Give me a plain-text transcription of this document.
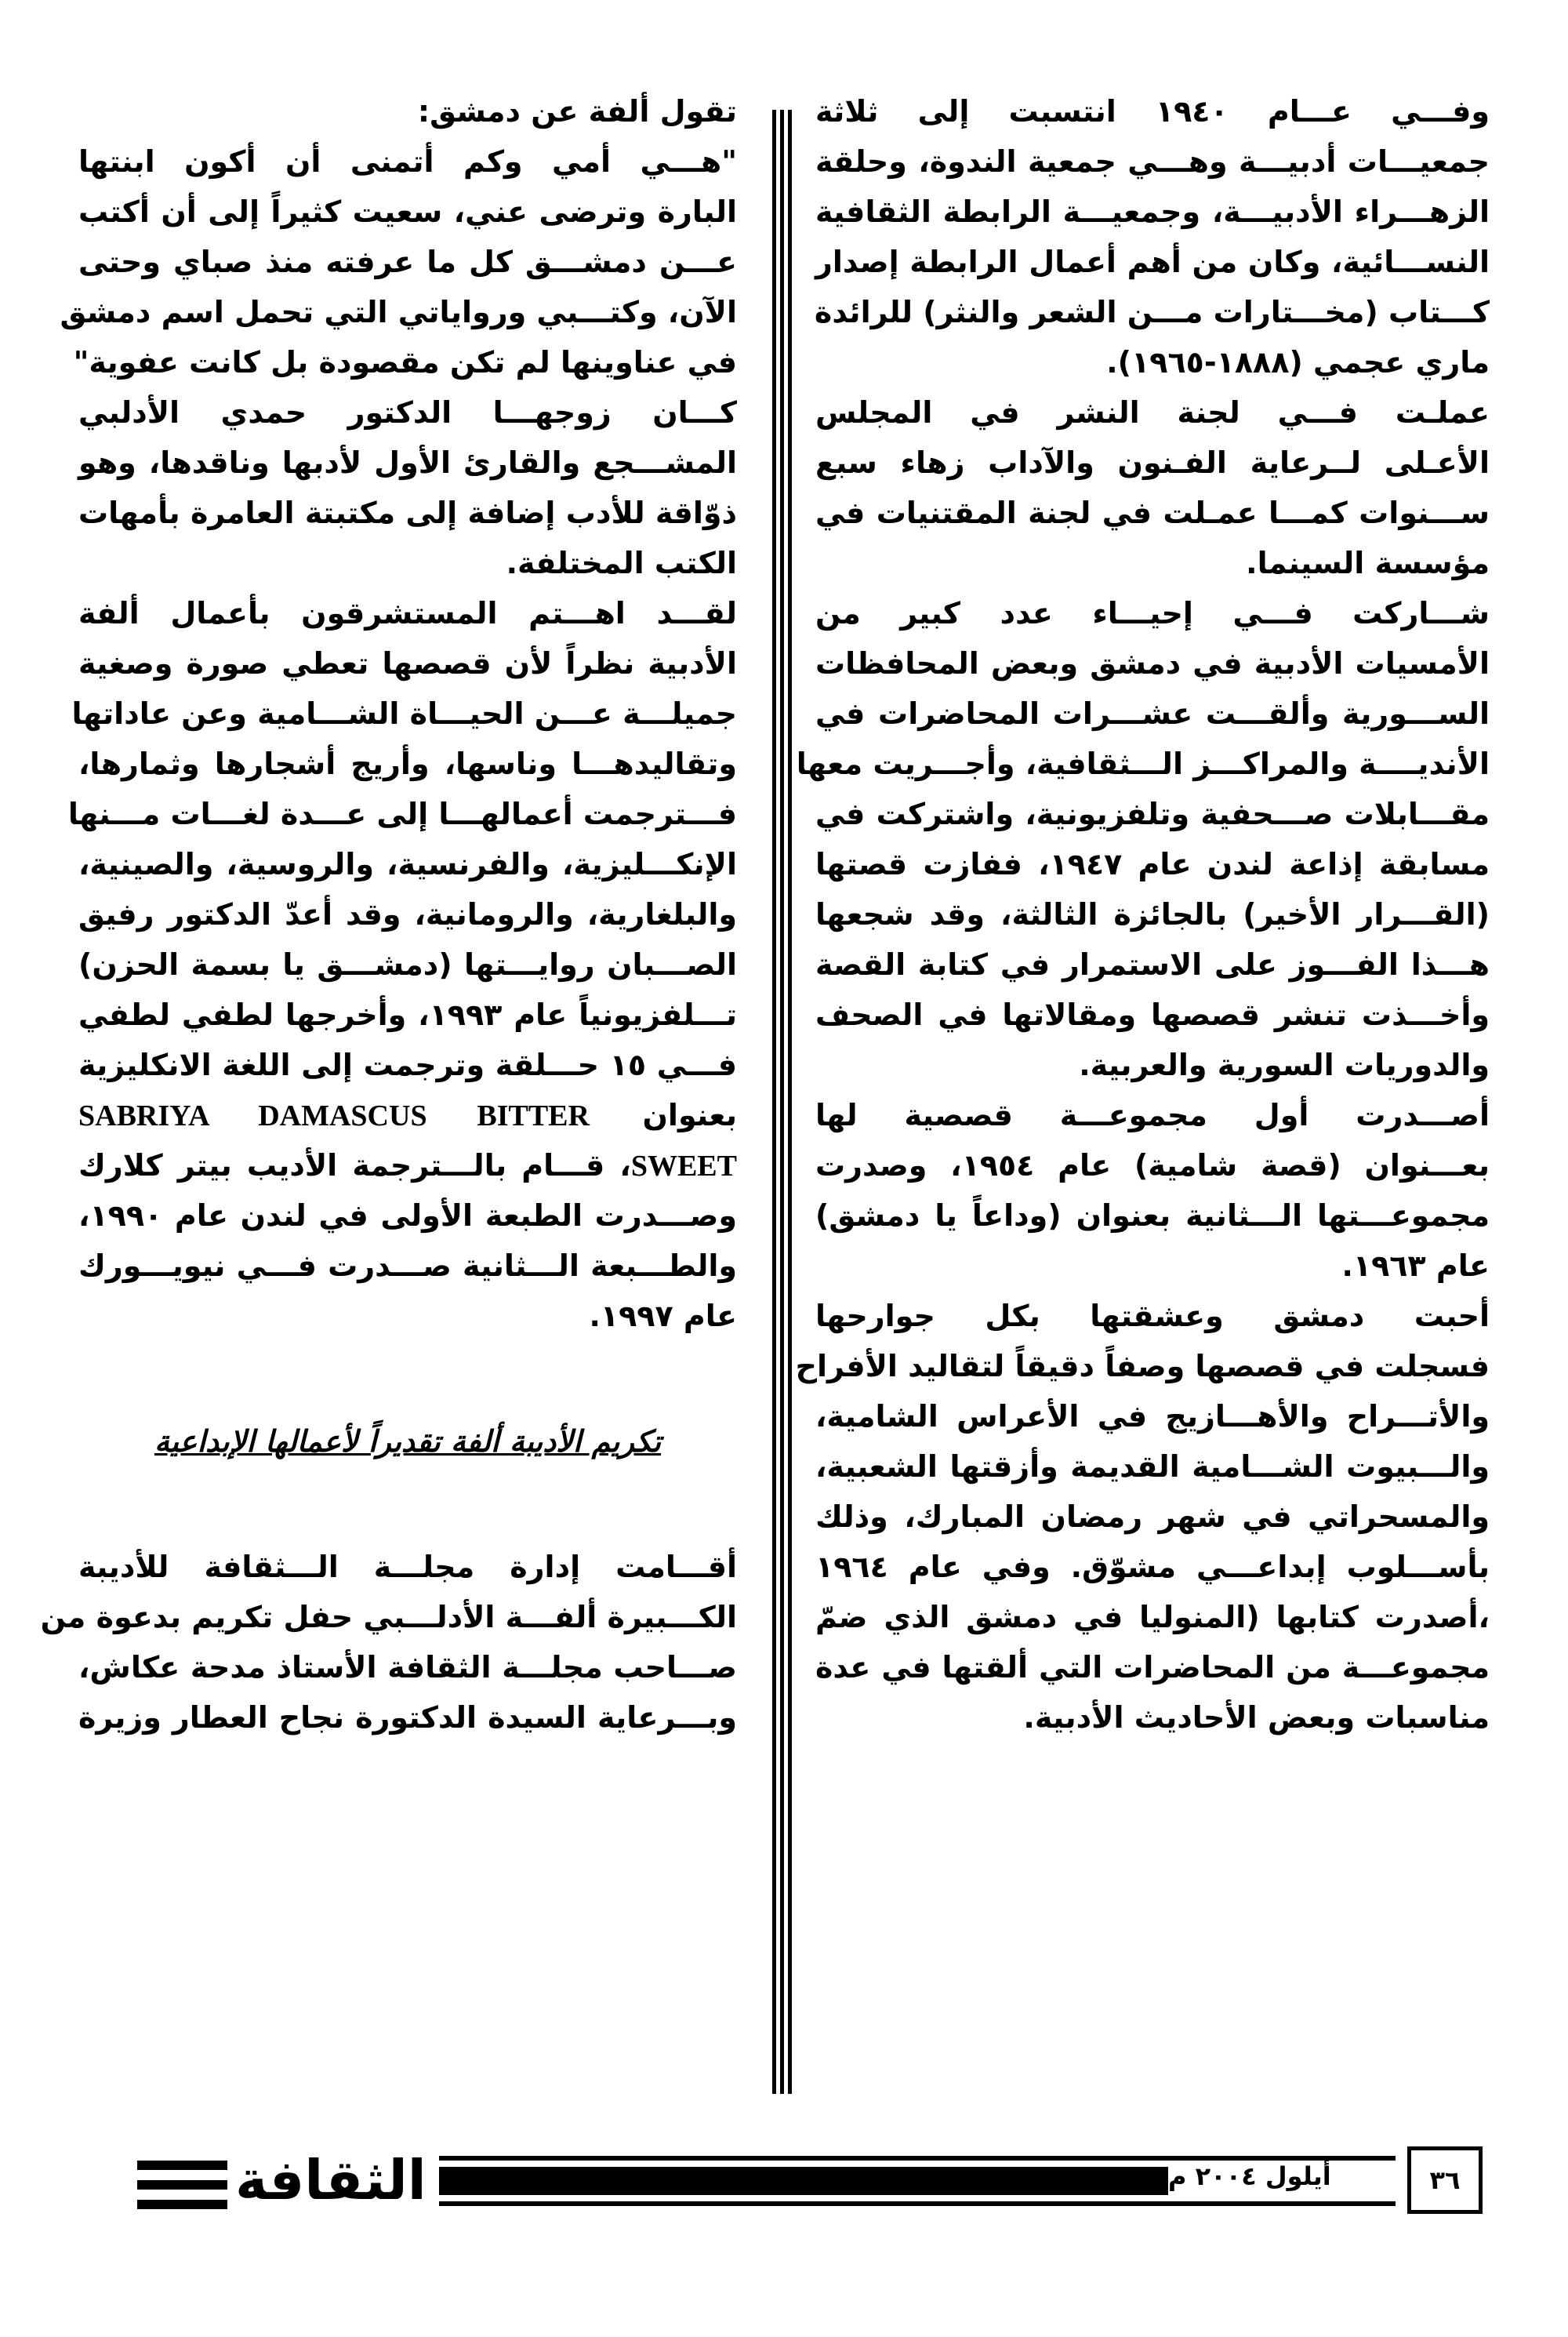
وفـــي عـــام ١٩٤٠ انتسبت إلى ثلاثة
جمعيـــات أدبيـــة وهـــي جمعية الندوة، وحلقة
الزهـــراء الأدبيـــة، وجمعيـــة الرابطة الثقافية
النســـائية، وكان من أهم أعمال الرابطة إصدار
كـــتاب (مخـــتارات مـــن الشعر والنثر) للرائدة
ماري عجمي (١٨٨٨-١٩٦٥).
عملـت فـــي لجنة النشر في المجلس
الأعـلى لــرعاية الفـنون والآداب زهاء سبع
ســـنوات كمـــا عمـلت في لجنة المقتنيات في
مؤسسة السينما.
شـــاركت فـــي إحيـــاء عدد كبير من
الأمسيات الأدبية في دمشق وبعض المحافظات
الســـورية وألقـــت عشـــرات المحاضرات في
الأنديــــة والمراكـــز الـــثقافية، وأجـــريت معها
مقـــابلات صـــحفية وتلفزيونية، واشتركت في
مسابقة إذاعة لندن عام ١٩٤٧، ففازت قصتها
(القـــرار الأخير) بالجائزة الثالثة، وقد شجعها
هـــذا الفـــوز على الاستمرار في كتابة القصة
وأخـــذت تنشر قصصها ومقالاتها في الصحف
والدوريات السورية والعربية.
أصـــدرت أول مجموعـــة قصصية لها
بعـــنوان (قصة شامية) عام ١٩٥٤، وصدرت
مجموعـــتها الـــثانية بعنوان (وداعاً يا دمشق)
عام ١٩٦٣.
أحبت دمشق وعشقتها بكل جوارحها
فسجلت في قصصها وصفاً دقيقاً لتقاليد الأفراح
والأتـــراح والأهـــازيج في الأعراس الشامية،
والـــبيوت الشـــامية القديمة وأزقتها الشعبية،
والمسحراتي في شهر رمضان المبارك، وذلك
بأســـلوب إبداعـــي مشوّق. وفي عام ١٩٦٤
،أصدرت كتابها (المنوليا في دمشق الذي ضمّ
مجموعـــة من المحاضرات التي ألقتها في عدة
مناسبات وبعض الأحاديث الأدبية.
تقول ألفة عن دمشق:
"هـــي أمي وكم أتمنى أن أكون ابنتها
البارة وترضى عني، سعيت كثيراً إلى أن أكتب
عـــن دمشـــق كل ما عرفته منذ صباي وحتى
الآن، وكتـــبي ورواياتي التي تحمل اسم دمشق
في عناوينها لم تكن مقصودة بل كانت عفوية"
كـــان زوجهـــا الدكتور حمدي الأدلبي
المشـــجع والقارئ الأول لأدبها وناقدها، وهو
ذوّاقة للأدب إضافة إلى مكتبتة العامرة بأمهات
الكتب المختلفة.
لقـــد اهـــتم المستشرقون بأعمال ألفة
الأدبية نظراً لأن قصصها تعطي صورة وصغية
جميلـــة عـــن الحيـــاة الشـــامية وعن عاداتها
وتقاليدهـــا وناسها، وأريج أشجارها وثمارها،
فـــترجمت أعمالهـــا إلى عـــدة لغـــات مـــنها
الإنكـــليزية، والفرنسية، والروسية، والصينية،
والبلغارية، والرومانية، وقد أعدّ الدكتور رفيق
الصـــبان روايـــتها (دمشـــق يا بسمة الحزن)
تـــلفزيونياً عام ١٩٩٣، وأخرجها لطفي لطفي
فـــي ١٥ حـــلقة وترجمت إلى اللغة الانكليزية
بعنوان SABRIYA DAMASCUS BITTER
SWEET، قـــام بالـــترجمة الأديب بيتر كلارك
وصـــدرت الطبعة الأولى في لندن عام ١٩٩٠،
والطـــبعة الـــثانية صـــدرت فـــي نيويـــورك
عام ١٩٩٧.
تكريم الأديبة ألفة تقديراً لأعمالها الإبداعية
أقـــامت إدارة مجلـــة الـــثقافة للأديبة
الكـــبيرة ألفـــة الأدلـــبي حفل تكريم بدعوة من
صـــاحب مجلـــة الثقافة الأستاذ مدحة عكاش،
وبـــرعاية السيدة الدكتورة نجاح العطار وزيرة
الثقافة	أيلول ٢٠٠٤ م	٣٦
